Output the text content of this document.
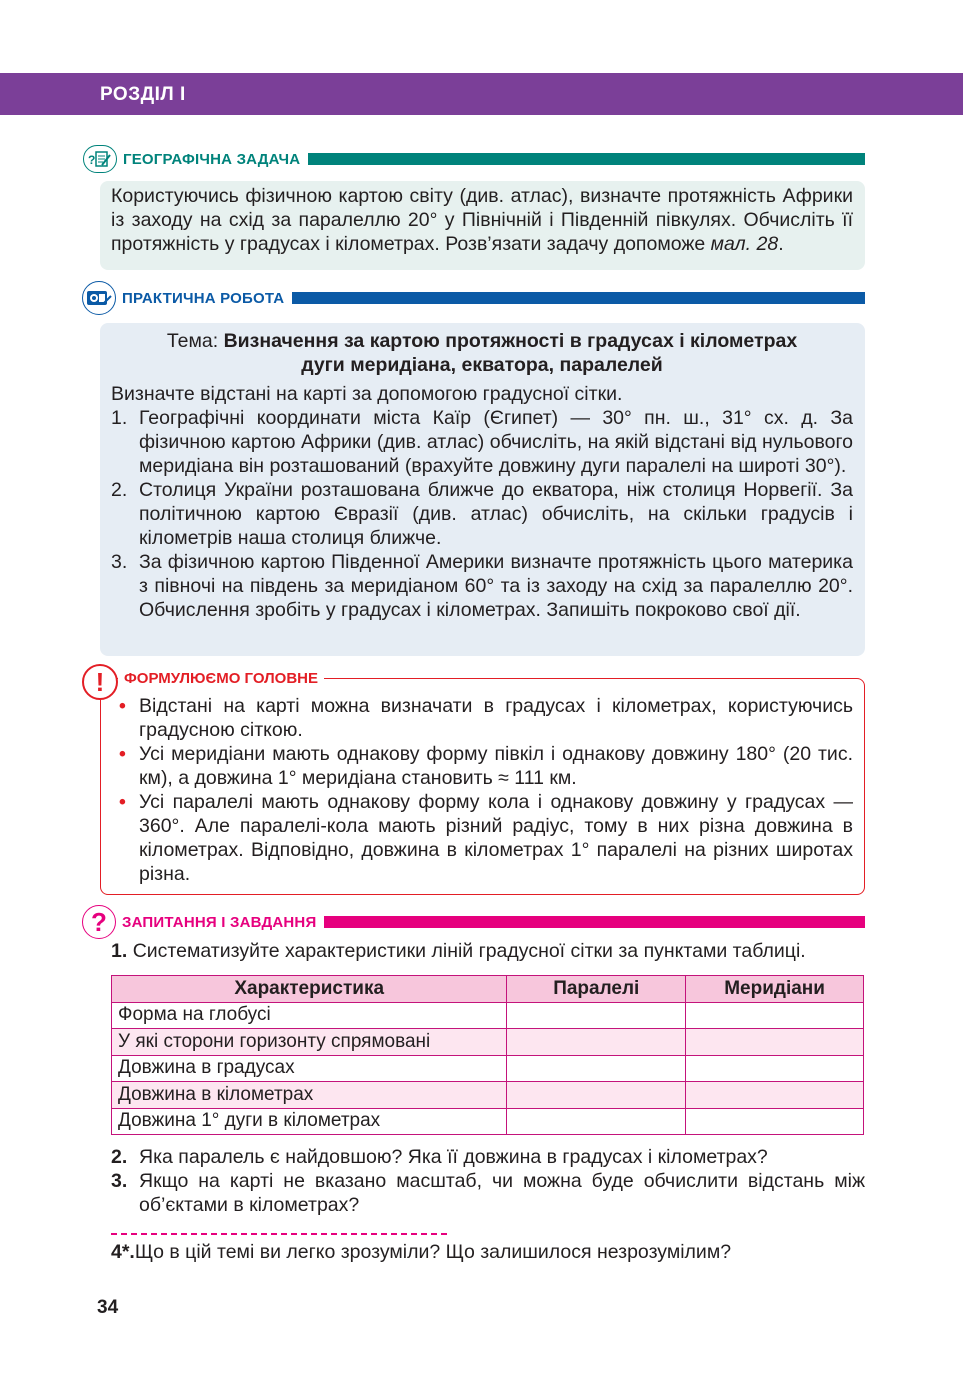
РОЗДІЛ І
? ГЕОГРАФІЧНА ЗАДАЧА
Користуючись фізичною картою світу (див. атлас), визначте протяжність Африки із заходу на схід за паралеллю 20° у Північній і Південній півкулях. Обчисліть її протяжність у градусах і кілометрах. Розв’язати задачу допоможе мал. 28.
ПРАКТИЧНА РОБОТА
Тема: Визначення за картою протяжності в градусах і кілометрах
дуги меридіана, екватора, паралелей
Визначте відстані на карті за допомогою градусної сітки.
1. Географічні координати міста Каїр (Єгипет) — 30° пн. ш., 31° сх. д. За фізичною картою Африки (див. атлас) обчисліть, на якій відстані від нульового меридіана він розташований (врахуйте довжину дуги паралелі на широті 30°).
2. Столиця України розташована ближче до екватора, ніж столиця Норвегії. За політичною картою Євразії (див. атлас) обчисліть, на скільки градусів і кілометрів наша столиця ближче.
3. За фізичною картою Південної Америки визначте протяжність цього материка з півночі на південь за меридіаном 60° та із заходу на схід за паралеллю 20°. Обчислення зробіть у градусах і кілометрах. Запишіть покроково свої дії.
!	ФОРМУЛЮЄМО ГОЛОВНЕ
• Відстані на карті можна визначати в градусах і кілометрах, користуючись градусною сіткою.
• Усі меридіани мають однакову форму півкіл і однакову довжину 180° (20 тис. км), а довжина 1° меридіана становить ≈ 111 км.
• Усі паралелі мають однакову форму кола і однакову довжину у градусах — 360°. Але паралелі-кола мають різний радіус, тому в них різна довжина в кілометрах. Відповідно, довжина в кілометрах 1° паралелі на різних широтах різна.
?	ЗАПИТАННЯ І ЗАВДАННЯ
1. Систематизуйте характеристики ліній градусної сітки за пунктами таблиці.
Характеристика	Паралелі	Меридіани
Форма на глобусі		
У які сторони горизонту спрямовані		
Довжина в градусах		
Довжина в кілометрах		
Довжина 1° дуги в кілометрах		
2. Яка паралель є найдовшою? Яка її довжина в градусах і кілометрах?
3. Якщо на карті не вказано масштаб, чи можна буде обчислити відстань між об’єктами в кілометрах?
4*.Що в цій темі ви легко зрозуміли? Що залишилося незрозумілим?
34
